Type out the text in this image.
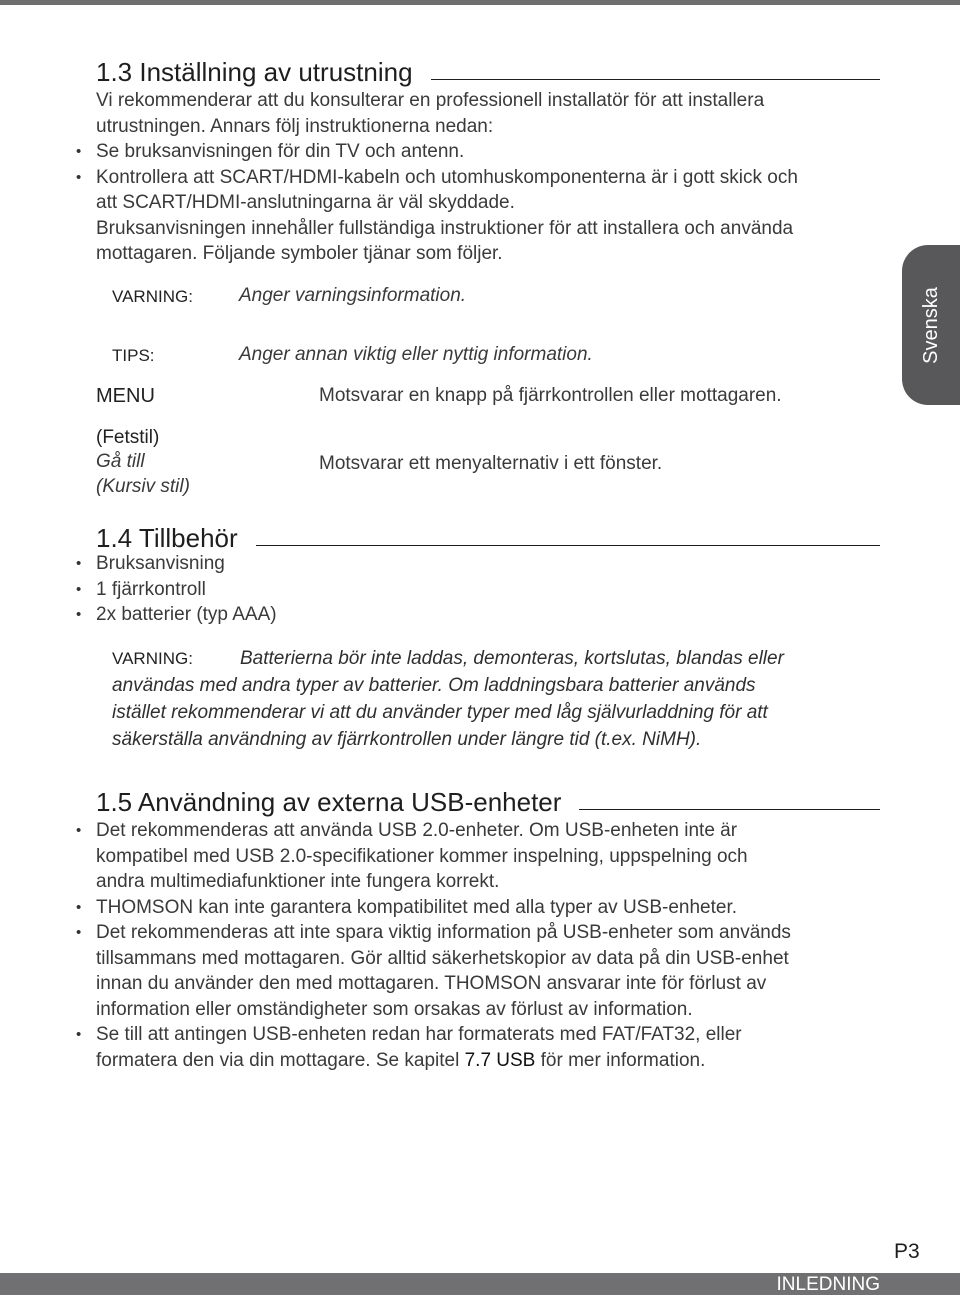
1.3 Inställning av utrustning

Vi rekommenderar att du konsulterar en professionell installatör för att installera

utrustningen. Annars följ instruktionerna nedan:

• Se bruksanvisningen för din TV och antenn.

• Kontrollera att SCART/HDMI-kabeln och utomhuskomponenterna är i gott skick och

att SCART/HDMI-anslutningarna är väl skyddade.

Bruksanvisningen innehåller fullständiga instruktioner för att installera och använda

mottagaren. Följande symboler tjänar som följer.

VARNING: Anger varningsinformation.
TIPS:	Anger annan viktig eller nyttig information.
MENU	Motsvarar en knapp på fjärrkontrollen eller mottagaren.
(Fetstil)
Gå till	Motsvarar ett menyalternativ i ett fönster.
(Kursiv stil)
1.4 Tillbehör

• Bruksanvisning

• 1 fjärrkontroll

• 2x batterier (typ AAA)

VARNING: Batterierna bör inte laddas, demonteras, kortslutas, blandas eller
användas med andra typer av batterier. Om laddningsbara batterier används
istället rekommenderar vi att du använder typer med låg självurladdning för att
säkerställa användning av fjärrkontrollen under längre tid (t.ex. NiMH).
1.5 Användning av externa USB-enheter

• Det rekommenderas att använda USB 2.0-enheter. Om USB-enheten inte är

kompatibel med USB 2.0-specifikationer kommer inspelning, uppspelning och

andra multimediafunktioner inte fungera korrekt.

• THOMSON kan inte garantera kompatibilitet med alla typer av USB-enheter.

• Det rekommenderas att inte spara viktig information på USB-enheter som används

tillsammans med mottagaren. Gör alltid säkerhetskopior av data på din USB-enhet

innan du använder den med mottagaren. THOMSON ansvarar inte för förlust av

information eller omständigheter som orsakas av förlust av information.

• Se till att antingen USB-enheten redan har formaterats med FAT/FAT32, eller

formatera den via din mottagare. Se kapitel 7.7 USB för mer information.

Svenska
P3
INLEDNING
